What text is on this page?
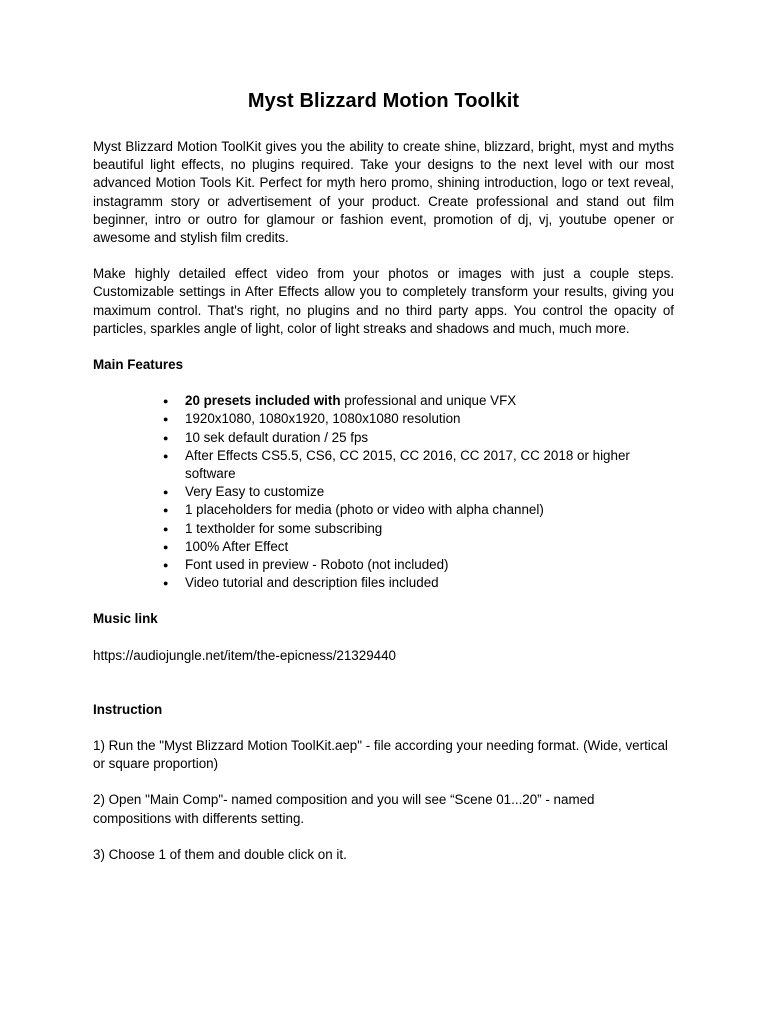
Myst Blizzard Motion Toolkit

Myst Blizzard Motion ToolKit gives you the ability to create shine, blizzard, bright, myst and myths beautiful light effects, no plugins required. Take your designs to the next level with our most advanced Motion Tools Kit. Perfect for myth hero promo, shining introduction, logo or text reveal, instagramm story or advertisement of your product. Create professional and stand out film beginner, intro or outro for glamour or fashion event, promotion of dj, vj, youtube opener or awesome and stylish film credits.

Make highly detailed effect video from your photos or images with just a couple steps. Customizable settings in After Effects allow you to completely transform your results, giving you maximum control. That's right, no plugins and no third party apps. You control the opacity of particles, sparkles angle of light, color of light streaks and shadows and much, much more.

Main Features

● 20 presets included with professional and unique VFX
● 1920x1080, 1080x1920, 1080x1080 resolution
● 10 sek default duration / 25 fps
● After Effects CS5.5, CS6, CC 2015, CC 2016, CC 2017, CC 2018 or higher software
● Very Easy to customize
● 1 placeholders for media (photo or video with alpha channel)
● 1 textholder for some subscribing
● 100% After Effect
● Font used in preview - Roboto (not included)
● Video tutorial and description files included

Music link

https://audiojungle.net/item/the-epicness/21329440

Instruction

1) Run the "Myst Blizzard Motion ToolKit.aep" - file according your needing format. (Wide, vertical or square proportion)

2) Open "Main Comp"- named composition and you will see “Scene 01...20” - named compositions with differents setting.

3) Choose 1 of them and double click on it.
